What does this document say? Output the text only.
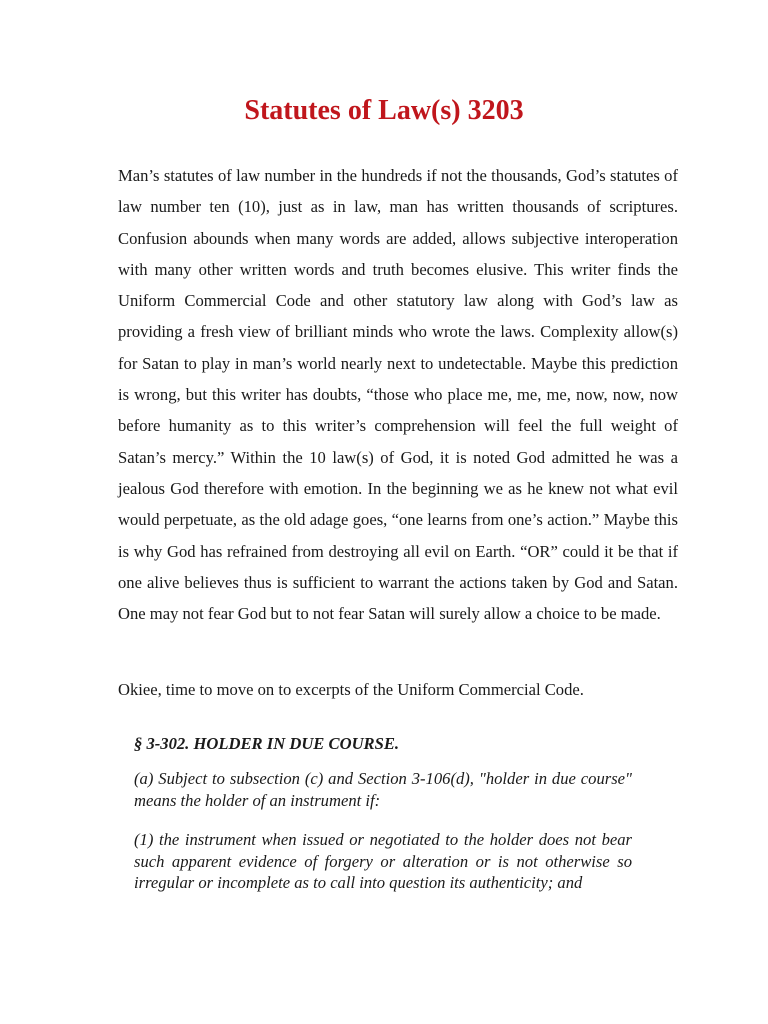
Statutes of Law(s) 3203

Man’s statutes of law number in the hundreds if not the thousands, God’s statutes of law number ten (10), just as in law, man has written thousands of scriptures. Confusion abounds when many words are added, allows subjective interoperation with many other written words and truth becomes elusive. This writer finds the Uniform Commercial Code and other statutory law along with God’s law as providing a fresh view of brilliant minds who wrote the laws. Complexity allow(s) for Satan to play in man’s world nearly next to undetectable. Maybe this prediction is wrong, but this writer has doubts, “those who place me, me, me, now, now, now before humanity as to this writer’s comprehension will feel the full weight of Satan’s mercy.” Within the 10 law(s) of God, it is noted God admitted he was a jealous God therefore with emotion. In the beginning we as he knew not what evil would perpetuate, as the old adage goes, “one learns from one’s action.” Maybe this is why God has refrained from destroying all evil on Earth. “OR” could it be that if one alive believes thus is sufficient to warrant the actions taken by God and Satan. One may not fear God but to not fear Satan will surely allow a choice to be made.

Okiee, time to move on to excerpts of the Uniform Commercial Code.

§ 3-302. HOLDER IN DUE COURSE.

(a) Subject to subsection (c) and Section 3-106(d), "holder in due course" means the holder of an instrument if:

(1) the instrument when issued or negotiated to the holder does not bear such apparent evidence of forgery or alteration or is not otherwise so irregular or incomplete as to call into question its authenticity; and
